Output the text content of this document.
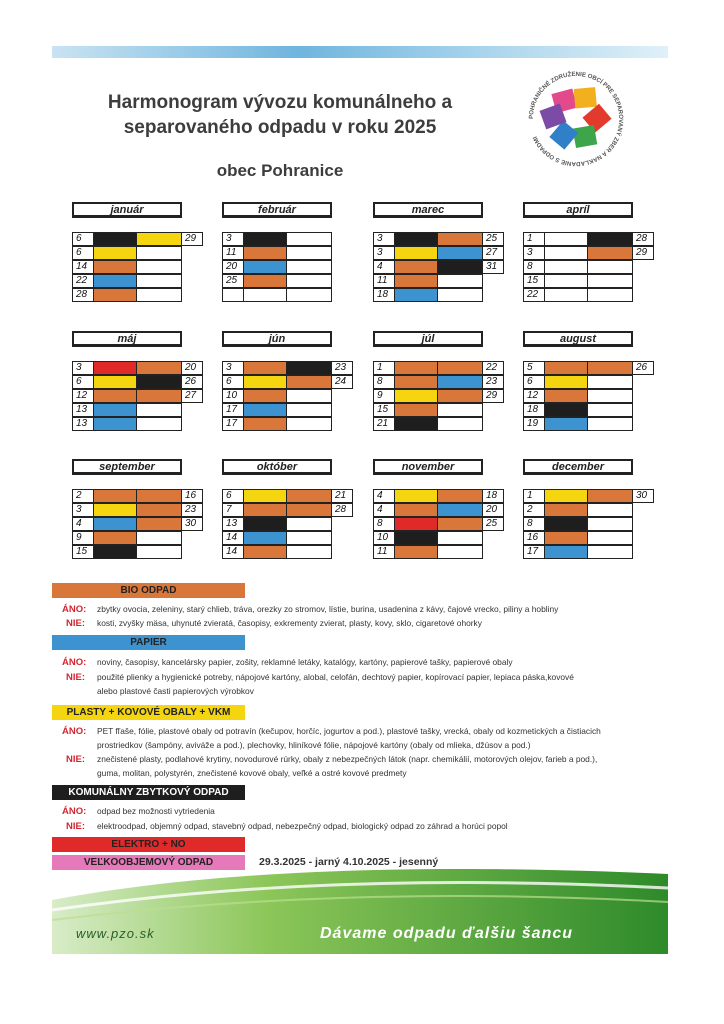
Harmonogram vývozu komunálneho a separovaného odpadu v roku 2025
obec Pohranice
POHRANIČNÉ ZDRUŽENIE OBCÍ PRE SEPAROVANÝ ZBER A NAKLADANIE S ODPADMI
január
6	29
6
14
22
28
február
3
11
20
25
marec
3	25
3	27
4	31
11
18
apríl
1	28
3	29
8
15
22
máj
3	20
6	26
12	27
13
13
jún
3	23
6	24
10
17
17
júl
1	22
8	23
9	29
15
21
august
5	26
6
12
18
19
september
2	16
3	23
4	30
9
15
október
6	21
7	28
13
14
14
november
4	18
4	20
8	25
10
11
december
1	30
2
8
16
17
BIO ODPAD
ÁNO: zbytky ovocia, zeleniny, starý chlieb, tráva, orezky zo stromov, lístie, burina, usadenina z kávy, čajové vrecko, piliny a hobliny
NIE: kosti, zvyšky mäsa, uhynuté zvieratá, časopisy, exkrementy zvierat, plasty, kovy, sklo, cigaretové ohorky
PAPIER
ÁNO: noviny, časopisy, kancelársky papier, zošity, reklamné letáky, katalógy, kartóny, papierové tašky, papierové obaly
NIE: použité plienky a hygienické potreby, nápojové kartóny, alobal, celofán, dechtový papier, kopírovací papier, lepiaca páska,kovové
alebo plastové časti papierových výrobkov
PLASTY + KOVOVÉ OBALY + VKM
ÁNO: PET fľaše, fólie, plastové obaly od potravín (kečupov, horčíc, jogurtov a pod.), plastové tašky, vrecká, obaly od kozmetických a čistiacich
prostriedkov (šampóny, aviváže a pod.), plechovky, hliníkové fólie, nápojové kartóny (obaly od mlieka, džúsov a pod.)
NIE: znečistené plasty, podlahové krytiny, novodurové rúrky, obaly z nebezpečných látok (napr. chemikálií, motorových olejov, farieb a pod.),
guma, molitan, polystyrén, znečistené kovové obaly, veľké a ostré kovové predmety
KOMUNÁLNY ZBYTKOVÝ ODPAD
ÁNO: odpad bez možnosti vytriedenia
NIE: elektroodpad, objemný odpad, stavebný odpad, nebezpečný odpad, biologický odpad zo záhrad a horúci popol
ELEKTRO + NO
VEĽKOOBJEMOVÝ ODPAD	29.3.2025 - jarný 4.10.2025 - jesenný
www.pzo.sk	Dávame odpadu ďalšiu šancu
